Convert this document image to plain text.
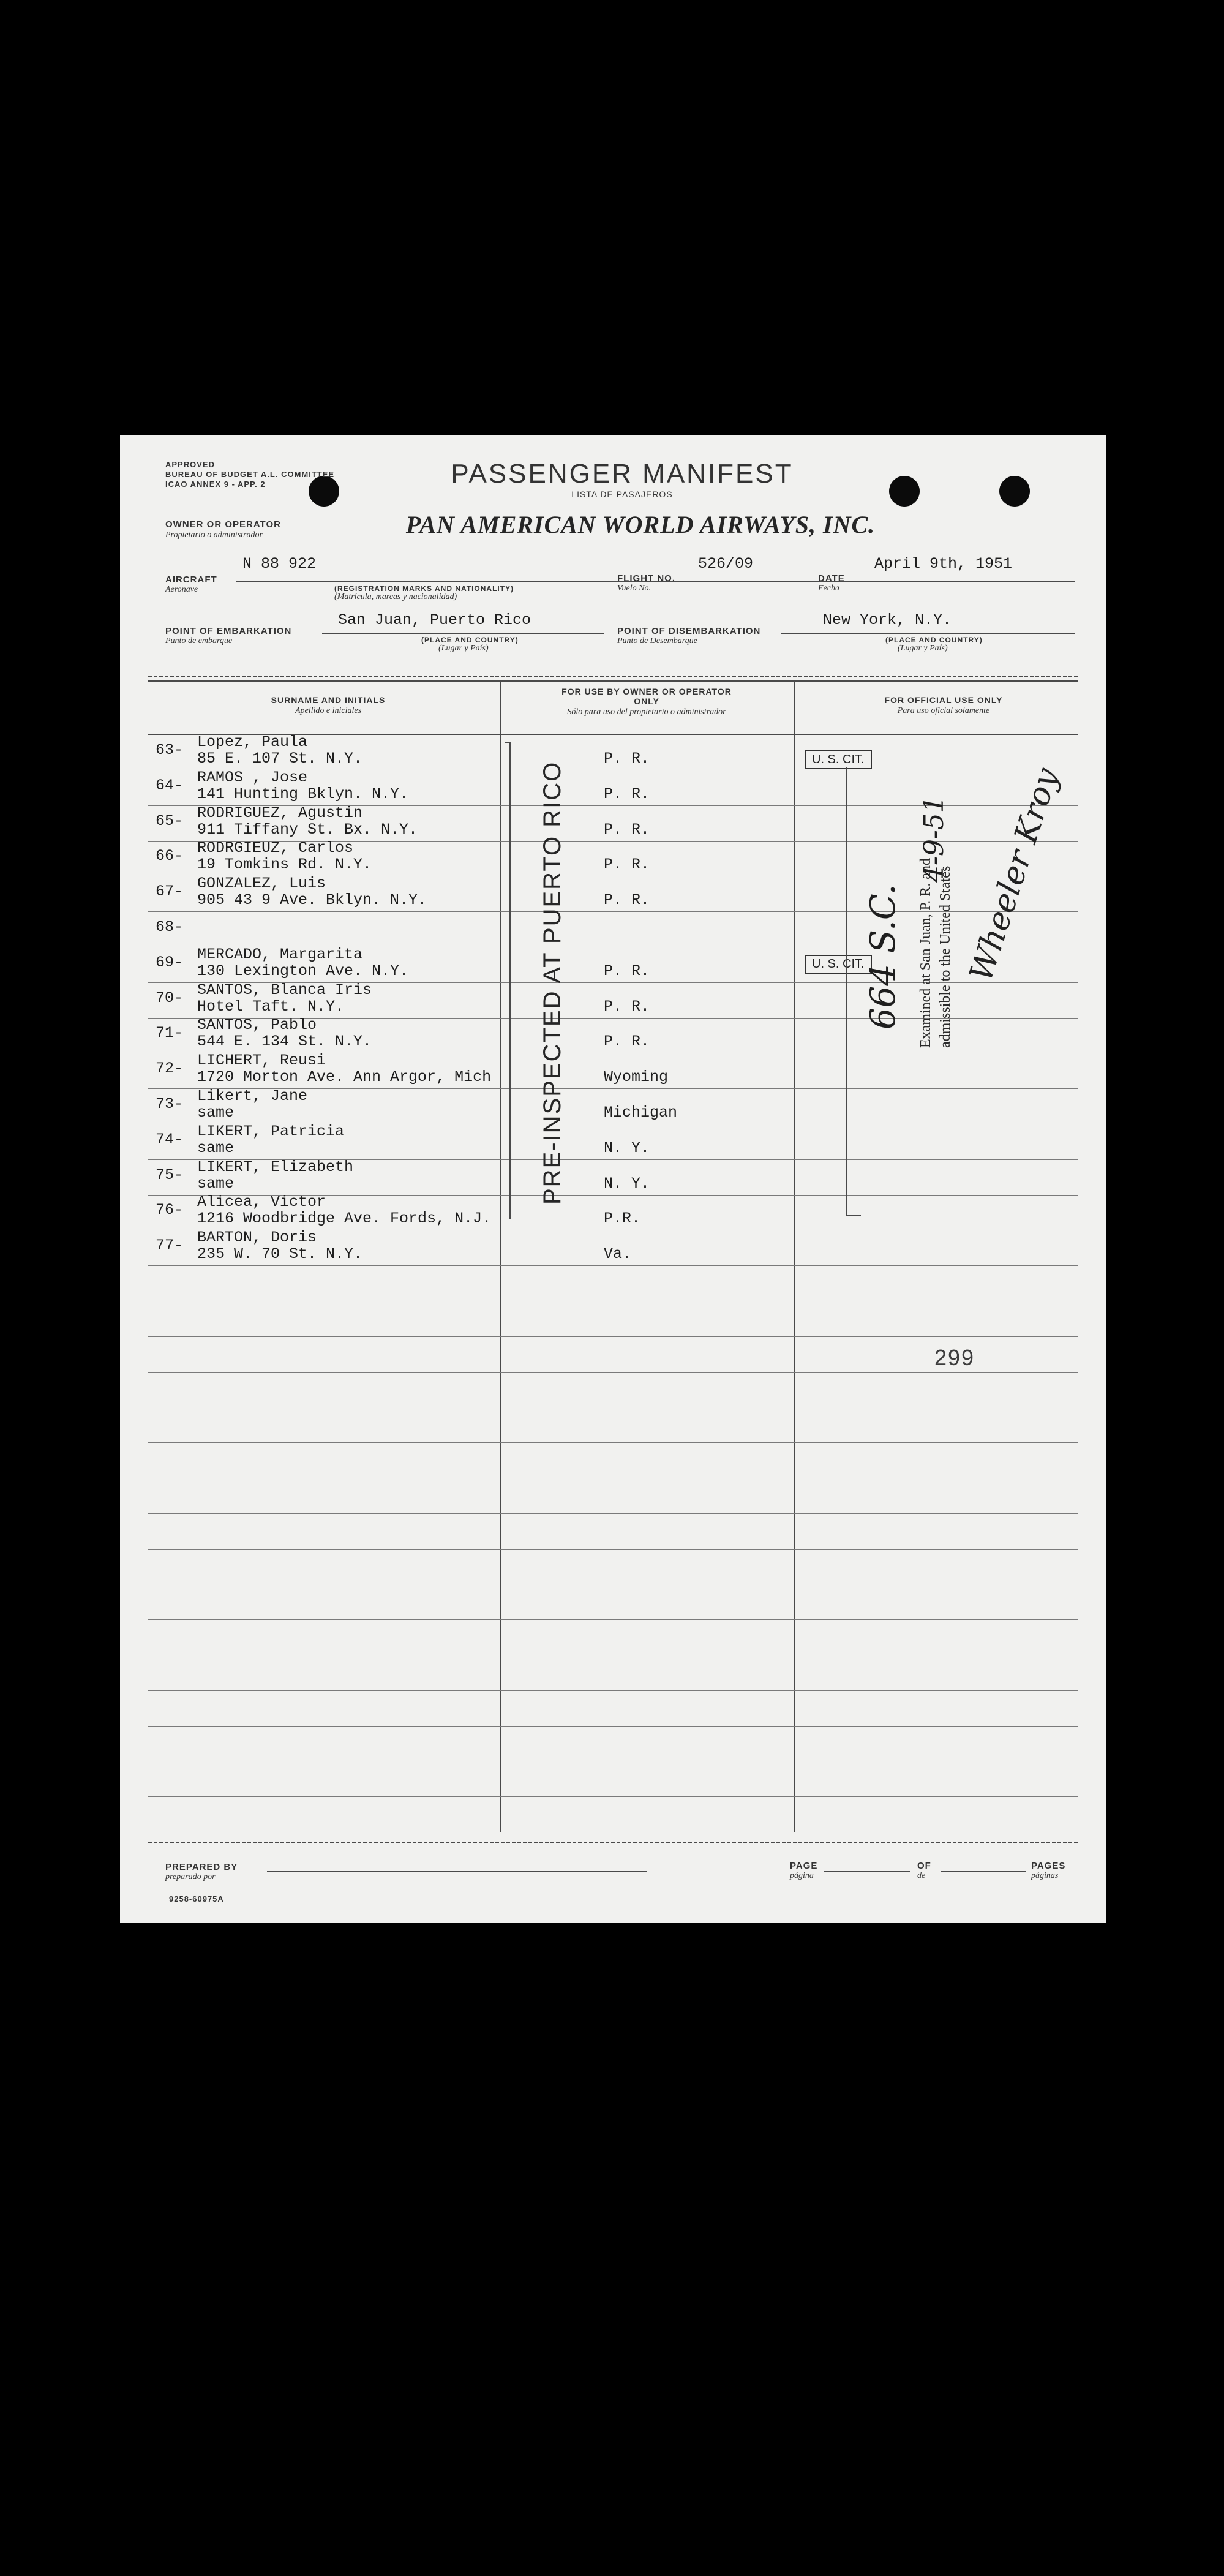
APPROVED
BUREAU OF BUDGET A.L. COMMITTEE
ICAO ANNEX 9 - APP. 2	PASSENGER MANIFEST
LISTA DE PASAJEROS
OWNER OR OPERATOR
Propietario o administrador	PAN AMERICAN WORLD AIRWAYS, INC.
AIRCRAFT
Aeronave
N 88 922
(REGISTRATION MARKS AND NATIONALITY)
(Matrícula, marcas y nacionalidad)
FLIGHT NO.
Vuelo No.
526/09
DATE
Fecha
April 9th, 1951
POINT OF EMBARKATION
Punto de embarque
San Juan, Puerto Rico
(PLACE AND COUNTRY)
(Lugar y País)
POINT OF DISEMBARKATION
Punto de Desembarque
New York, N.Y.
(PLACE AND COUNTRY)
(Lugar y País)
SURNAME AND INITIALS
Apellido e iniciales
FOR USE BY OWNER OR OPERATOR ONLY
Sólo para uso del propietario o administrador
FOR OFFICIAL USE ONLY
Para uso oficial solamente
63- Lopez, Paula
85 E. 107 St. N.Y.	P. R.
64- RAMOS , Jose
141 Hunting Bklyn. N.Y.	P. R.
65- RODRIGUEZ, Agustin
911 Tiffany St. Bx. N.Y.	P. R.
66- RODRGIEUZ, Carlos
19 Tomkins Rd. N.Y.	P. R.
67- GONZALEZ, Luis
905 43 9 Ave. Bklyn. N.Y.	P. R.
68-
69- MERCADO, Margarita
130 Lexington Ave. N.Y.	P. R.
70- SANTOS, Blanca Iris
Hotel Taft. N.Y.	P. R.
71- SANTOS, Pablo
544 E. 134 St. N.Y.	P. R.
72- LICHERT, Reusi
1720 Morton Ave. Ann Argor, Mich	Wyoming
73- Likert, Jane
same	Michigan
74- LIKERT, Patricia
same	N. Y.
75- LIKERT, Elizabeth
same	N. Y.
76- Alicea, Victor
1216 Woodbridge Ave. Fords, N.J.	P.R.
77- BARTON, Doris
235 W. 70 St. N.Y.	Va.
PRE-INSPECTED AT PUERTO RICO
U. S. CIT.
U. S. CIT.	Examined at San Juan, P. R. and admissible to the United States
664 S.C.
4-9-51 Wheeler Kroy
299
PREPARED BY
preparado por
9258-60975A
PAGE
página
OF
de
PAGES
páginas
